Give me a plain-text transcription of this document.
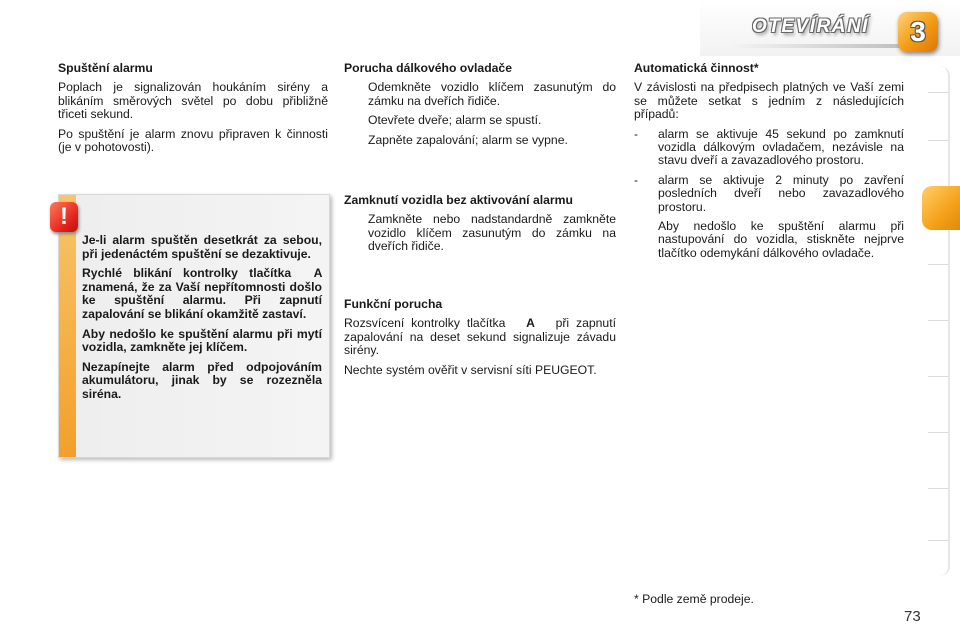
OTEVÍRÁNÍ 3
Spuštění alarmu

Poplach je signalizován houkáním sirény a blikáním směrových světel po dobu přibližně třiceti sekund.

Po spuštění je alarm znovu připraven k činnosti (je v pohotovosti).

!

Je-li alarm spuštěn desetkrát za sebou, při jedenáctém spuštění se dezaktivuje.

Rychlé blikání kontrolky tlačítka A znamená, že za Vaší nepřítomnosti došlo ke spuštění alarmu. Při zapnutí zapalování se blikání okamžitě zastaví.

Aby nedošlo ke spuštění alarmu při mytí vozidla, zamkněte jej klíčem.

Nezapínejte alarm před odpojováním akumulátoru, jinak by se rozezněla siréna.

Porucha dálkového ovladače
Odemkněte vozidlo klíčem zasunutým do zámku na dveřích řidiče.
Otevřete dveře; alarm se spustí.
Zapněte zapalování; alarm se vypne.
Zamknutí vozidla bez aktivování alarmu
Zamkněte nebo nadstandardně zamkněte vozidlo klíčem zasunutým do zámku na dveřích řidiče.
Funkční porucha

Rozsvícení kontrolky tlačítka A při zapnutí zapalování na deset sekund signalizuje závadu sirény.

Nechte systém ověřit v servisní síti PEUGEOT.

Automatická činnost*

V závislosti na předpisech platných ve Vaší zemi se můžete setkat s jedním z následujících případů:

-	alarm se aktivuje 45 sekund po zamknutí vozidla dálkovým ovladačem, nezávisle na stavu dveří a zavazadlového prostoru.
-	alarm se aktivuje 2 minuty po zavření posledních dveří nebo zavazadlového prostoru.
Aby nedošlo ke spuštění alarmu při nastupování do vozidla, stiskněte nejprve tlačítko odemykání dálkového ovladače.
* Podle země prodeje.
73
